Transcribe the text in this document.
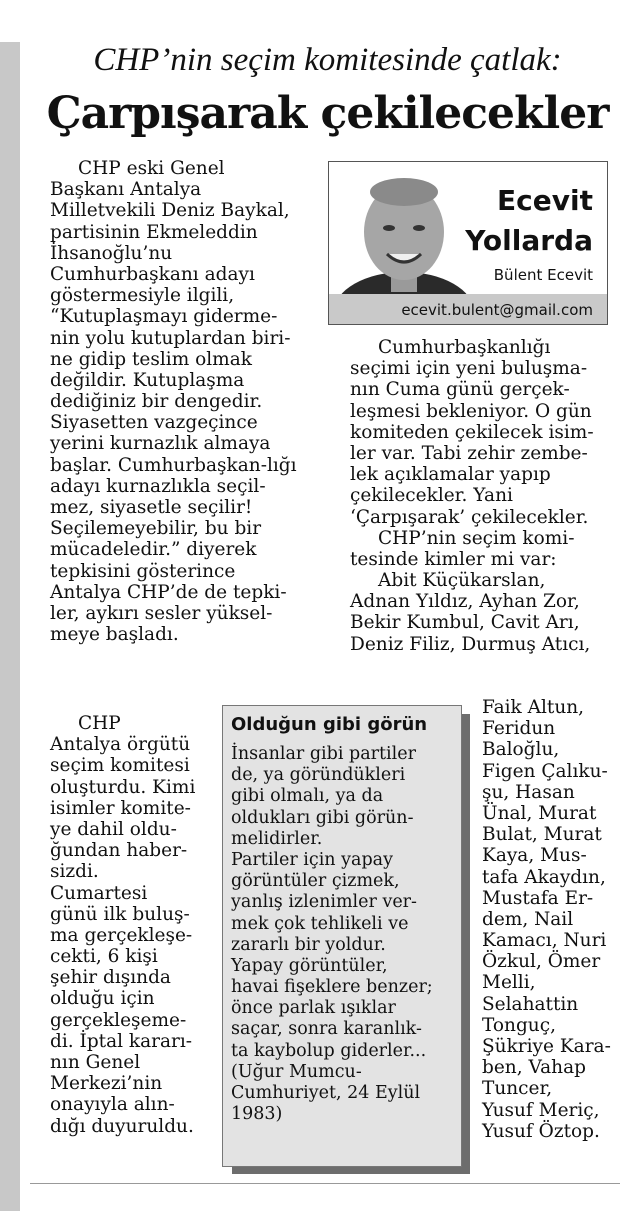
CHP’nin seçim komitesinde çatlak:
Çarpışarak çekilecekler
CHP eski Genel
Başkanı Antalya
Milletvekili Deniz Baykal,
partisinin Ekmeleddin
İhsanoğlu’nu
Cumhurbaşkanı adayı
göstermesiyle ilgili,
“Kutuplaşmayı giderme-
nin yolu kutuplardan biri-
ne gidip teslim olmak
değildir. Kutuplaşma
dediğiniz bir dengedir.
Siyasetten vazgeçince
yerini kurnazlık almaya
başlar. Cumhurbaşkan-lığı
adayı kurnazlıkla seçil-
mez, siyasetle seçilir!
Seçilemeyebilir, bu bir
mücadeledir.” diyerek
tepkisini gösterince
Antalya CHP’de de tepki-
ler, aykırı sesler yüksel-
meye başladı.
CHP
Antalya örgütü
seçim komitesi
oluşturdu. Kimi
isimler komite-
ye dahil oldu-
ğundan haber-
sizdi.
Cumartesi
günü ilk buluş-
ma gerçekleşe-
cekti, 6 kişi
şehir dışında
olduğu için
gerçekleşeme-
di. İptal kararı-
nın Genel
Merkezi’nin
onayıyla alın-
dığı duyuruldu.
Ecevit
Yollarda
Bülent Ecevit
ecevit.bulent@gmail.com
Cumhurbaşkanlığı
seçimi için yeni buluşma-
nın Cuma günü gerçek-
leşmesi bekleniyor. O gün
komiteden çekilecek isim-
ler var. Tabi zehir zembe-
lek açıklamalar yapıp
çekilecekler. Yani
‘Çarpışarak’ çekilecekler.
CHP’nin seçim komi-
tesinde kimler mi var:
Abit Küçükarslan,
Adnan Yıldız, Ayhan Zor,
Bekir Kumbul, Cavit Arı,
Deniz Filiz, Durmuş Atıcı,
Faik Altun,
Feridun
Baloğlu,
Figen Çalıku-
şu, Hasan
Ünal, Murat
Bulat, Murat
Kaya, Mus-
tafa Akaydın,
Mustafa Er-
dem, Nail
Kamacı, Nuri
Özkul, Ömer
Melli,
Selahattin
Tonguç,
Şükriye Kara-
ben, Vahap
Tuncer,
Yusuf Meriç,
Yusuf Öztop.
Olduğun gibi görün
İnsanlar gibi partiler
de, ya göründükleri
gibi olmalı, ya da
oldukları gibi görün-
melidirler.
Partiler için yapay
görüntüler çizmek,
yanlış izlenimler ver-
mek çok tehlikeli ve
zararlı bir yoldur.
Yapay görüntüler,
havai fişeklere benzer;
önce parlak ışıklar
saçar, sonra karanlık-
ta kaybolup giderler...
(Uğur Mumcu-
Cumhuriyet, 24 Eylül
1983)
